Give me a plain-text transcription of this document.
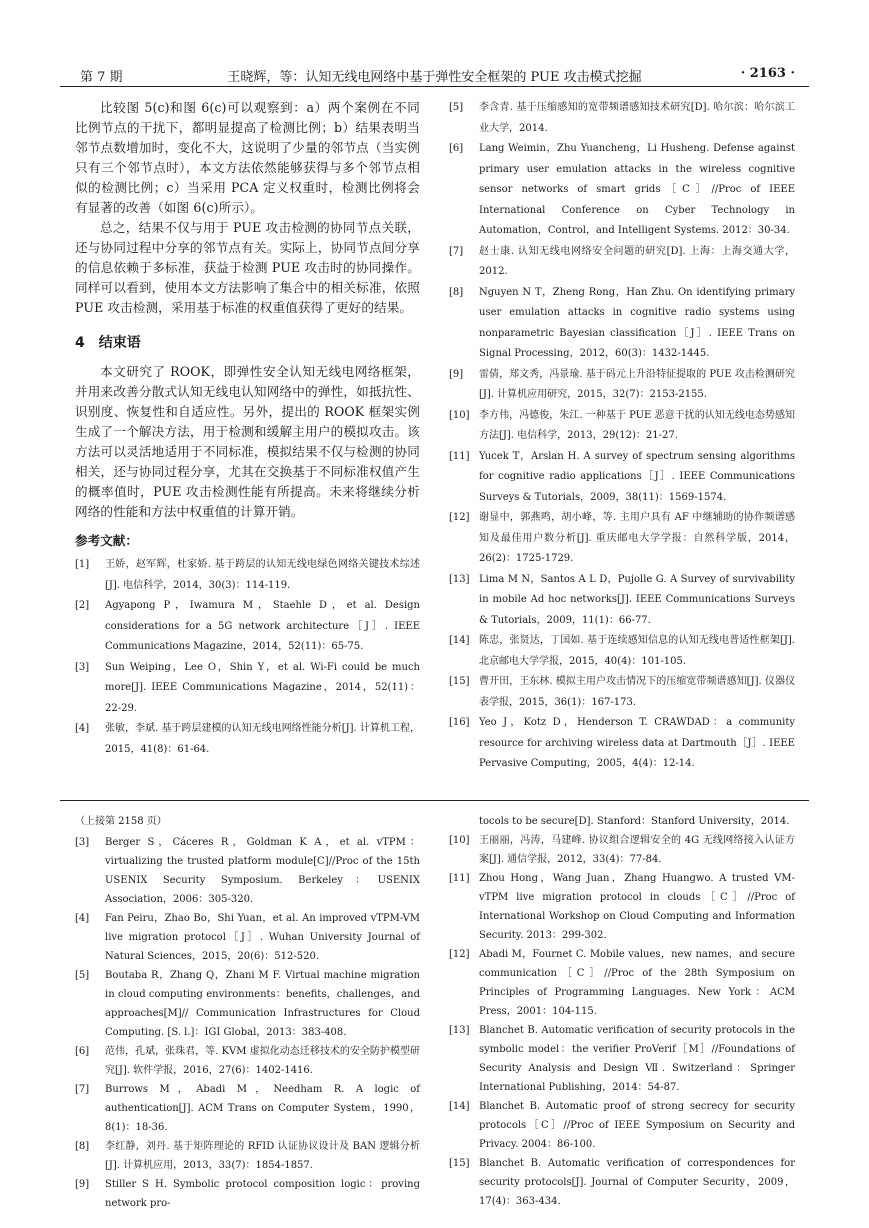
第 7 期	王晓辉，等：认知无线电网络中基于弹性安全框架的 PUE 攻击模式挖掘	· 2163 ·

比较图 5(c)和图 6(c)可以观察到：a）两个案例在不同比例节点的干扰下，都明显提高了检测比例；b）结果表明当邻节点数增加时，变化不大，这说明了少量的邻节点（当实例只有三个邻节点时），本文方法依然能够获得与多个邻节点相似的检测比例；c）当采用 PCA 定义权重时，检测比例将会有显著的改善（如图 6(c)所示）。

总之，结果不仅与用于 PUE 攻击检测的协同节点关联，还与协同过程中分享的邻节点有关。实际上，协同节点间分享的信息依赖于多标准，获益于检测 PUE 攻击时的协同操作。同样可以看到，使用本文方法影响了集合中的相关标准，依照 PUE 攻击检测，采用基于标准的权重值获得了更好的结果。

4 结束语

本文研究了 ROOK，即弹性安全认知无线电网络框架，并用来改善分散式认知无线电认知网络中的弹性，如抵抗性、识别度、恢复性和自适应性。另外，提出的 ROOK 框架实例生成了一个解决方法，用于检测和缓解主用户的模拟攻击。该方法可以灵活地适用于不同标准，模拟结果不仅与检测的协同相关，还与协同过程分享，尤其在交换基于不同标准权值产生的概率值时，PUE 攻击检测性能有所提高。未来将继续分析网络的性能和方法中权重值的计算开销。

参考文献：
[1]	王娇，赵军辉，杜家娇. 基于跨层的认知无线电绿色网络关键技术综述[J]. 电信科学，2014，30(3)：114-119.
[2]	Agyapong P，Iwamura M，Staehle D，et al. Design considerations for a 5G network architecture［J］. IEEE Communications Magazine，2014，52(11)：65-75.
[3]	Sun Weiping，Lee O，Shin Y，et al. Wi-Fi could be much more[J]. IEEE Communications Magazine，2014，52(11)：22-29.
[4]	张敏，李斌. 基于跨层建模的认知无线电网络性能分析[J]. 计算机工程，2015，41(8)：61-64.
[5]	李含青. 基于压缩感知的宽带频谱感知技术研究[D]. 哈尔滨：哈尔滨工业大学，2014.
[6]	Lang Weimin，Zhu Yuancheng，Li Husheng. Defense against primary user emulation attacks in the wireless cognitive sensor networks of smart grids［C］//Proc of IEEE International Conference on Cyber Technology in Automation，Control，and Intelligent Systems. 2012：30-34.
[7]	赵士康. 认知无线电网络安全问题的研究[D]. 上海：上海交通大学，2012.
[8]	Nguyen N T，Zheng Rong，Han Zhu. On identifying primary user emulation attacks in cognitive radio systems using nonparametric Bayesian classification［J］. IEEE Trans on Signal Processing，2012，60(3)：1432-1445.
[9]	雷倩，郑文秀，冯景瑜. 基于码元上升沿特征提取的 PUE 攻击检测研究[J]. 计算机应用研究，2015，32(7)：2153-2155.
[10] 李方伟，冯德俊，朱江. 一种基于 PUE 恶意干扰的认知无线电态势感知方法[J]. 电信科学，2013，29(12)：21-27.
[11] Yucek T，Arslan H. A survey of spectrum sensing algorithms for cognitive radio applications［J］. IEEE Communications Surveys & Tutorials，2009，38(11)：1569-1574.
[12] 谢显中，郭燕鸣，胡小峰，等. 主用户具有 AF 中继辅助的协作频谱感知及最佳用户数分析[J]. 重庆邮电大学学报：自然科学版，2014，26(2)：1725-1729.
[13] Lima M N，Santos A L D，Pujolle G. A Survey of survivability in mobile Ad hoc networks[J]. IEEE Communications Surveys & Tutorials，2009，11(1)：66-77.
[14] 陈忠，张贤达，丁国如. 基于连续感知信息的认知无线电普适性框架[J]. 北京邮电大学学报，2015，40(4)：101-105.
[15] 曹开田，王东林. 模拟主用户攻击情况下的压缩宽带频谱感知[J]. 仪器仪表学报，2015，36(1)：167-173.
[16] Yeo J，Kotz D，Henderson T. CRAWDAD：a community resource for archiving wireless data at Dartmouth［J］. IEEE Pervasive Computing，2005，4(4)：12-14.
（上接第 2158 页）
[3]	Berger S，Cáceres R，Goldman K A，et al. vTPM：virtualizing the trusted platform module[C]//Proc of the 15th USENIX Security Symposium. Berkeley：USENIX Association，2006：305-320.
[4]	Fan Peiru，Zhao Bo，Shi Yuan，et al. An improved vTPM-VM live migration protocol［J］. Wuhan University Journal of Natural Sciences，2015，20(6)：512-520.
[5]	Boutaba R，Zhang Q，Zhani M F. Virtual machine migration in cloud computing environments：benefits，challenges，and approaches[M]// Communication Infrastructures for Cloud Computing. [S. l.]：IGI Global，2013：383-408.
[6]	范伟，孔斌，张珠君，等. KVM 虚拟化动态迁移技术的安全防护模型研究[J]. 软件学报，2016，27(6)：1402-1416.
[7]	Burrows M，Abadi M，Needham R. A logic of authentication[J]. ACM Trans on Computer System，1990，8(1)：18-36.
[8]	李红静，刘丹. 基于矩阵理论的 RFID 认证协议设计及 BAN 逻辑分析[J]. 计算机应用，2013，33(7)：1854-1857.
[9]	Stiller S H. Symbolic protocol composition logic：proving network pro-
tocols to be secure[D]. Stanford：Stanford University，2014.
[10] 王丽丽，冯涛，马建峰. 协议组合逻辑安全的 4G 无线网络接入认证方案[J]. 通信学报，2012，33(4)：77-84.
[11] Zhou Hong，Wang Juan，Zhang Huangwo. A trusted VM-vTPM live migration protocol in clouds［C］//Proc of International Workshop on Cloud Computing and Information Security. 2013：299-302.
[12] Abadi M，Fournet C. Mobile values，new names，and secure communication［C］//Proc of the 28th Symposium on Principles of Programming Languages. New York：ACM Press，2001：104-115.
[13] Blanchet B. Automatic verification of security protocols in the symbolic model：the verifier ProVerif［M］//Foundations of Security Analysis and Design Ⅶ. Switzerland：Springer International Publishing，2014：54-87.
[14] Blanchet B. Automatic proof of strong secrecy for security protocols［C］//Proc of IEEE Symposium on Security and Privacy. 2004：86-100.
[15] Blanchet B. Automatic verification of correspondences for security protocols[J]. Journal of Computer Security，2009，17(4)：363-434.
